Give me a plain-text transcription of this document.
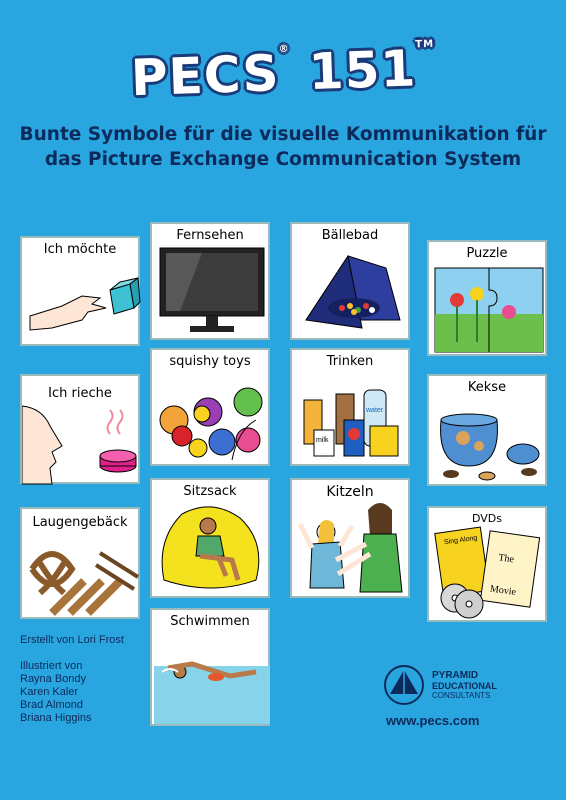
PECS® 151™
Bunte Symbole für die visuelle Kommunikation für
das Picture Exchange Communication System
Ich möchte
Ich rieche
Laugengebäck
Fernsehen
squishy toys
Sitzsack
Schwimmen
Bällebad
Trinken
water
milk
Kitzeln
Puzzle
Kekse
DVDs
Sing Along
The
Movie
Erstellt von Lori Frost
Illustriert von
Rayna Bondy
Karen Kaler
Brad Almond
Briana Higgins
PYRAMID
EDUCATIONAL
CONSULTANTS
www.pecs.com
